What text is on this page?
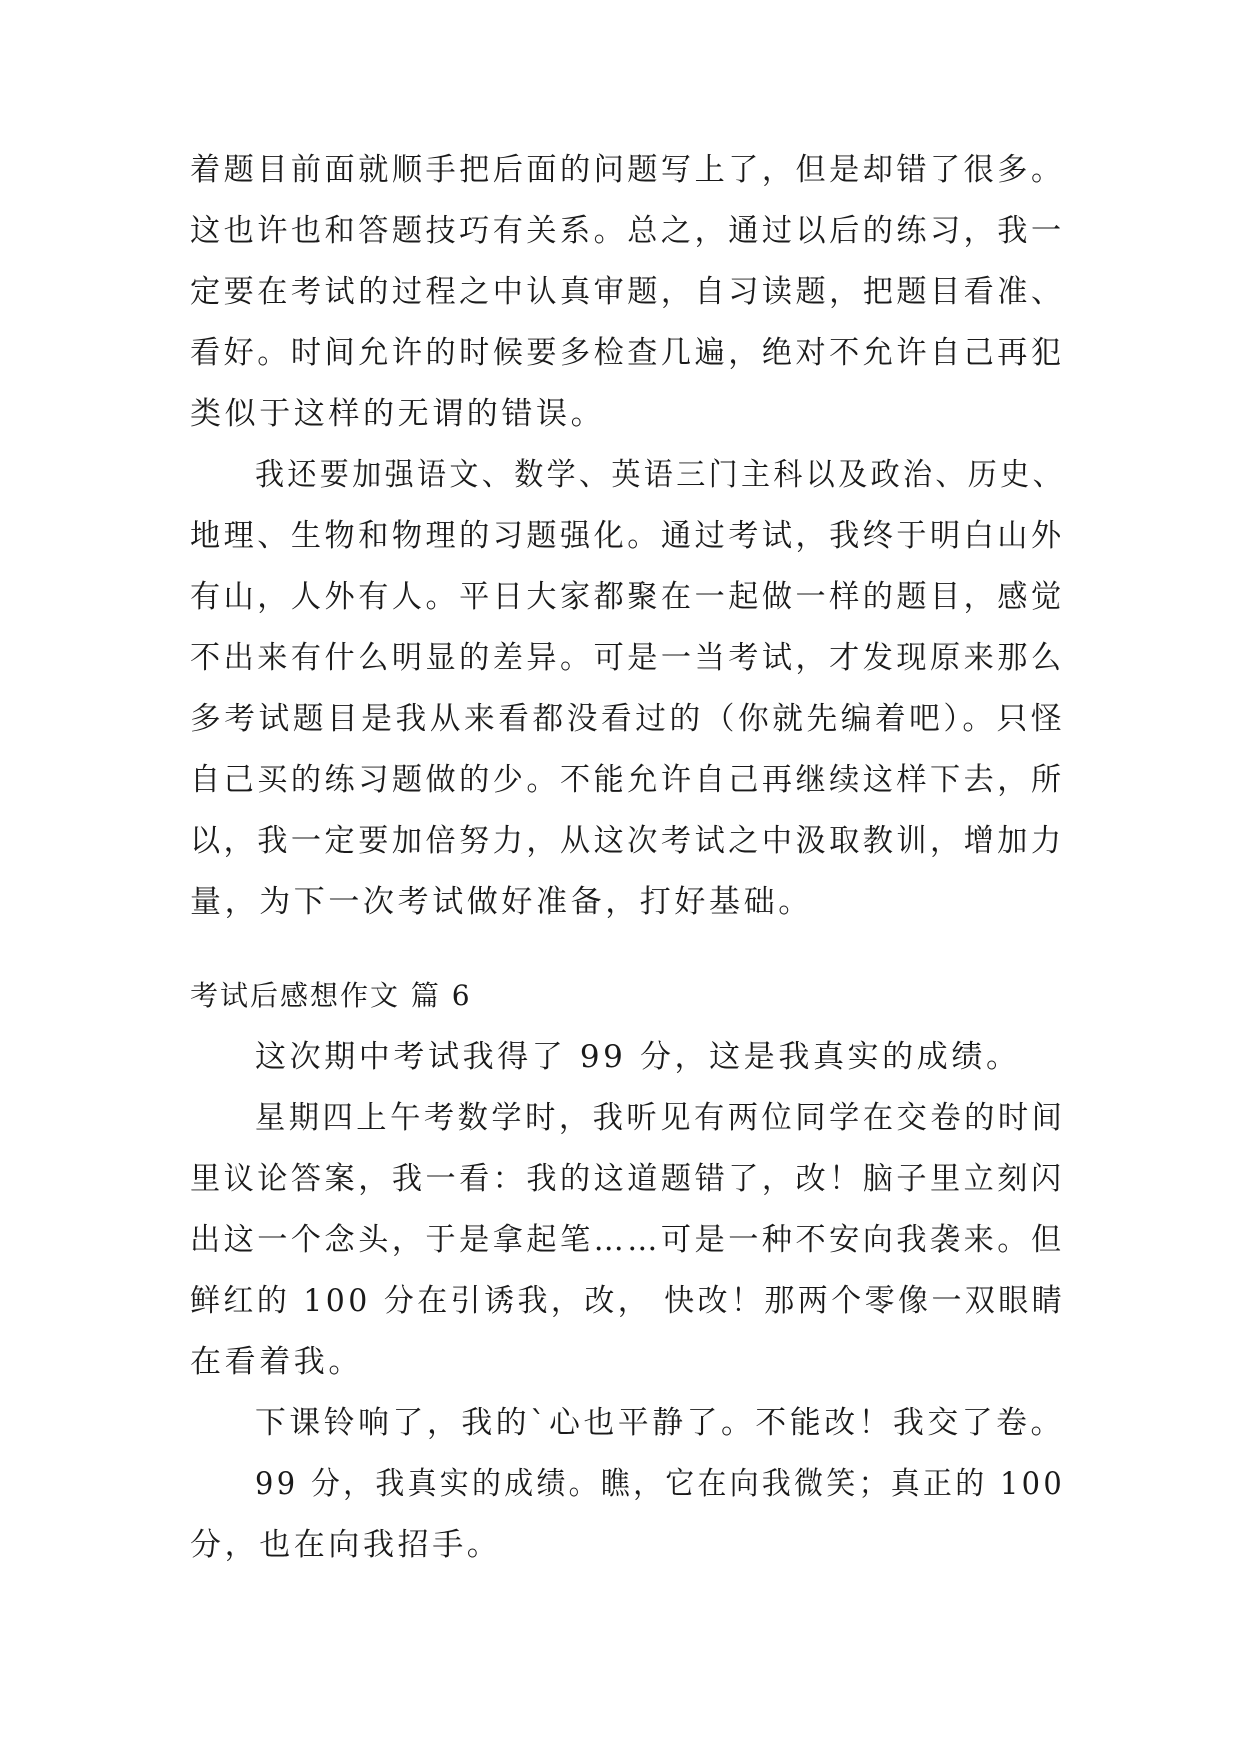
着题目前面就顺手把后面的问题写上了，但是却错了很多。

这也许也和答题技巧有关系。总之，通过以后的练习，我一

定要在考试的过程之中认真审题，自习读题，把题目看准、

看好。时间允许的时候要多检查几遍，绝对不允许自己再犯

类似于这样的无谓的错误。

我还要加强语文、数学、英语三门主科以及政治、历史、

地理、生物和物理的习题强化。通过考试，我终于明白山外

有山，人外有人。平日大家都聚在一起做一样的题目，感觉

不出来有什么明显的差异。可是一当考试，才发现原来那么

多考试题目是我从来看都没看过的（你就先编着吧）。只怪

自己买的练习题做的少。不能允许自己再继续这样下去，所

以，我一定要加倍努力，从这次考试之中汲取教训，增加力

量，为下一次考试做好准备，打好基础。

考试后感想作文 篇 6

这次期中考试我得了 99 分，这是我真实的成绩。

星期四上午考数学时，我听见有两位同学在交卷的时间

里议论答案，我一看：我的这道题错了，改！脑子里立刻闪

出这一个念头，于是拿起笔……可是一种不安向我袭来。但

鲜红的 100 分在引诱我，改， 快改！那两个零像一双眼睛

在看着我。

下课铃响了，我的`心也平静了。不能改！我交了卷。

99 分，我真实的成绩。瞧，它在向我微笑；真正的 100

分，也在向我招手。
